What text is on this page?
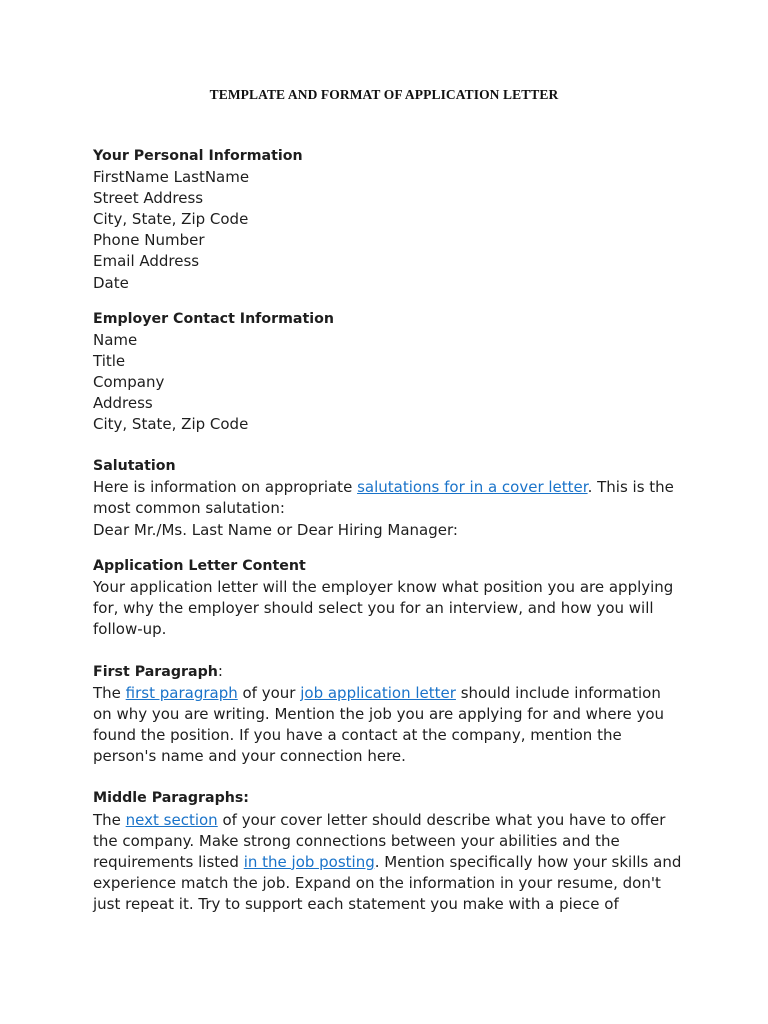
TEMPLATE AND FORMAT OF APPLICATION LETTER
Your Personal Information
FirstName LastName
Street Address
City, State, Zip Code
Phone Number
Email Address
Date
Employer Contact Information
Name
Title
Company
Address
City, State, Zip Code
Salutation
Here is information on appropriate salutations for in a cover letter. This is the
most common salutation:
Dear Mr./Ms. Last Name or Dear Hiring Manager:
Application Letter Content
Your application letter will the employer know what position you are applying
for, why the employer should select you for an interview, and how you will
follow-up.
First Paragraph:
The first paragraph of your job application letter should include information
on why you are writing. Mention the job you are applying for and where you
found the position. If you have a contact at the company, mention the
person's name and your connection here.
Middle Paragraphs:
The next section of your cover letter should describe what you have to offer
the company. Make strong connections between your abilities and the
requirements listed in the job posting. Mention specifically how your skills and
experience match the job. Expand on the information in your resume, don't
just repeat it. Try to support each statement you make with a piece of
